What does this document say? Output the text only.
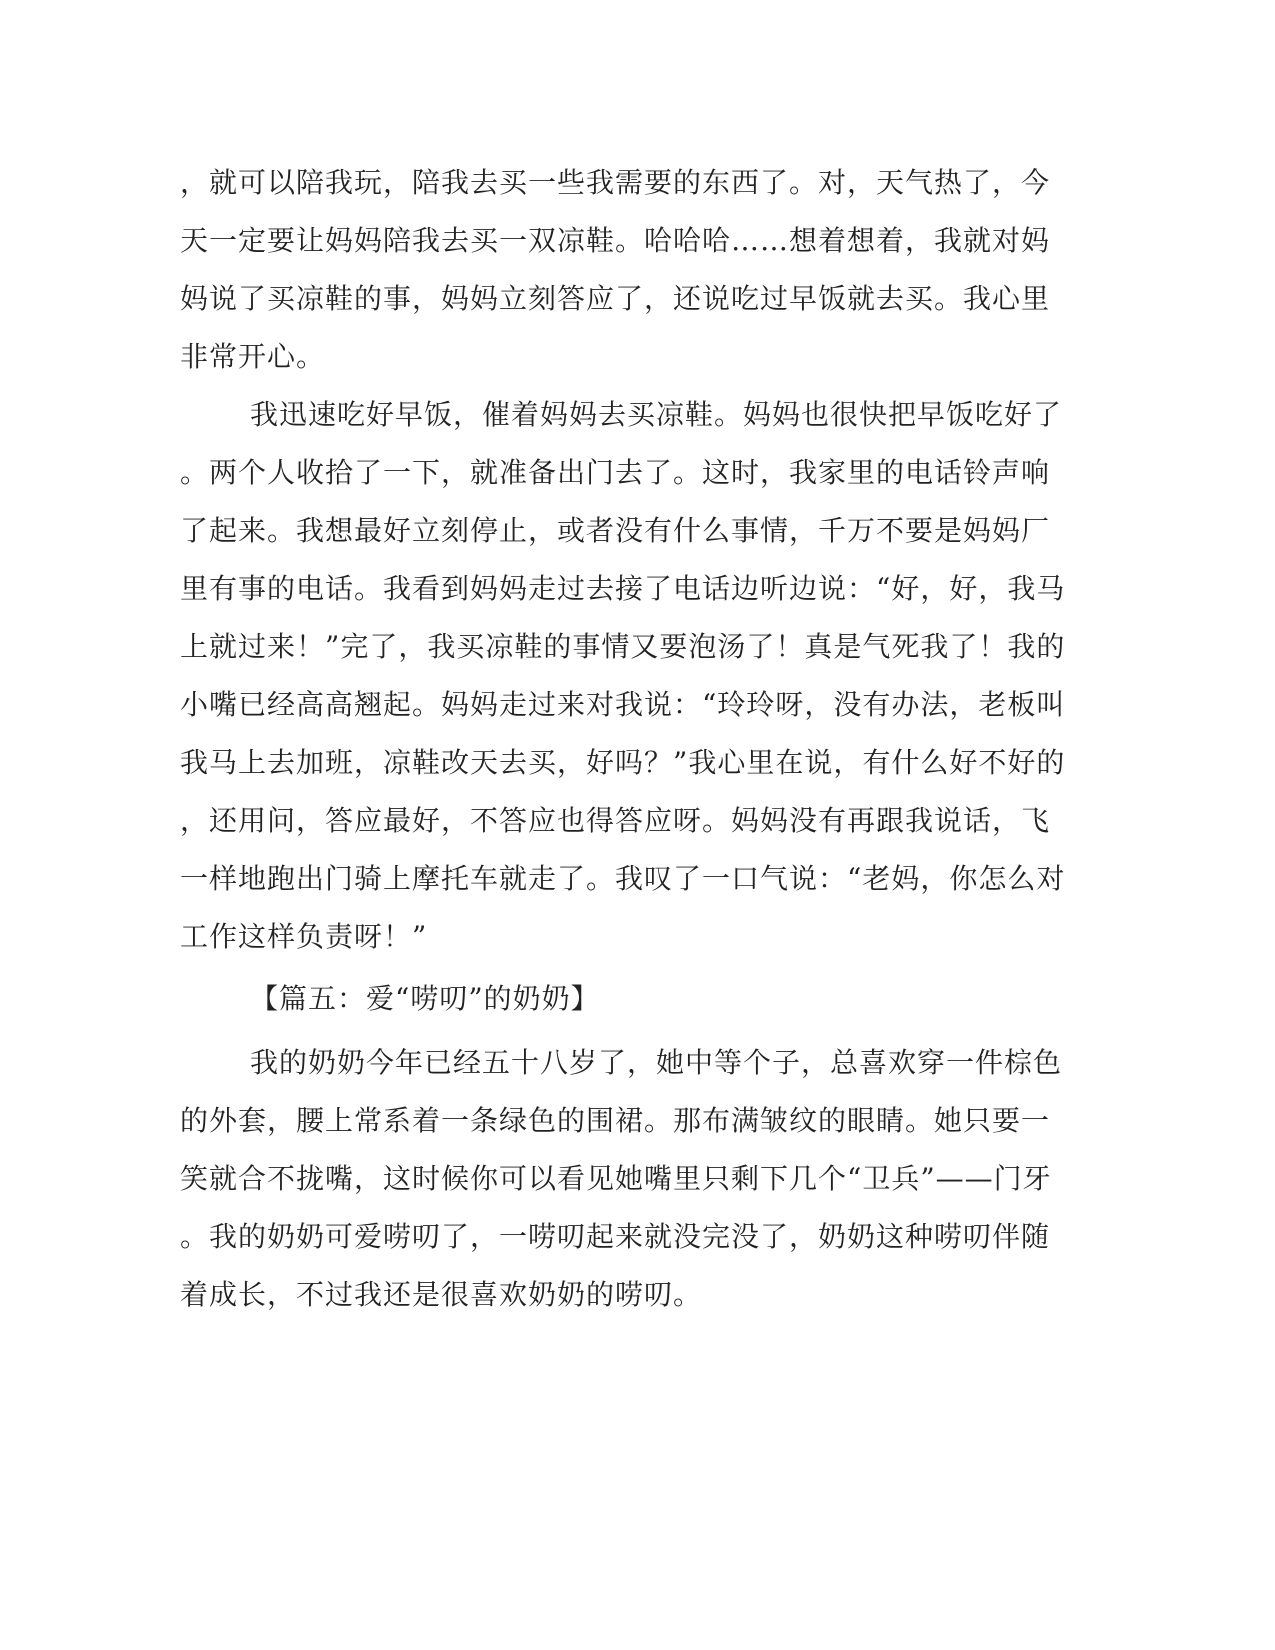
，就可以陪我玩，陪我去买一些我需要的东西了。对，天气热了，今
天一定要让妈妈陪我去买一双凉鞋。哈哈哈……想着想着，我就对妈
妈说了买凉鞋的事，妈妈立刻答应了，还说吃过早饭就去买。我心里
非常开心。
我迅速吃好早饭，催着妈妈去买凉鞋。妈妈也很快把早饭吃好了
。两个人收拾了一下，就准备出门去了。这时，我家里的电话铃声响
了起来。我想最好立刻停止，或者没有什么事情，千万不要是妈妈厂
里有事的电话。我看到妈妈走过去接了电话边听边说：“好，好，我马
上就过来！”完了，我买凉鞋的事情又要泡汤了！真是气死我了！我的
小嘴已经高高翘起。妈妈走过来对我说：“玲玲呀，没有办法，老板叫
我马上去加班，凉鞋改天去买，好吗？”我心里在说，有什么好不好的
，还用问，答应最好，不答应也得答应呀。妈妈没有再跟我说话，飞
一样地跑出门骑上摩托车就走了。我叹了一口气说：“老妈，你怎么对
工作这样负责呀！”
【篇五：爱“唠叨”的奶奶】
我的奶奶今年已经五十八岁了，她中等个子，总喜欢穿一件棕色
的外套，腰上常系着一条绿色的围裙。那布满皱纹的眼睛。她只要一
笑就合不拢嘴，这时候你可以看见她嘴里只剩下几个“卫兵”——门牙
。我的奶奶可爱唠叨了，一唠叨起来就没完没了，奶奶这种唠叨伴随
着成长，不过我还是很喜欢奶奶的唠叨。
